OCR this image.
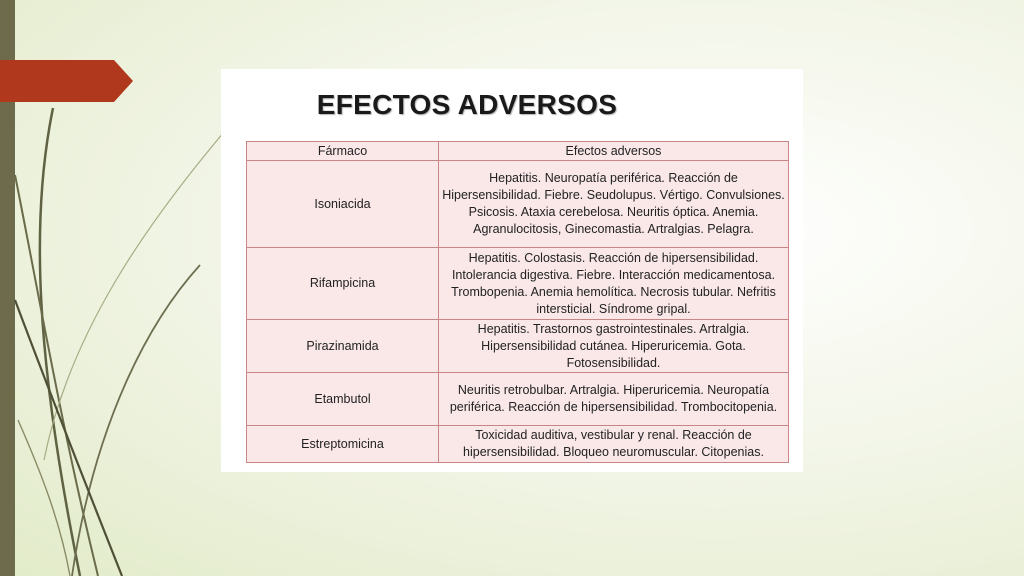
EFECTOS ADVERSOS
Fármaco	Efectos adversos
Isoniacida	Hepatitis. Neuropatía periférica. Reacción de Hipersensibilidad. Fiebre. Seudolupus. Vértigo. Convulsiones. Psicosis. Ataxia cerebelosa. Neuritis óptica. Anemia. Agranulocitosis, Ginecomastia. Artralgias. Pelagra.
Rifampicina	Hepatitis. Colostasis. Reacción de hipersensibilidad. Intolerancia digestiva. Fiebre. Interacción medicamentosa. Trombopenia. Anemia hemolítica. Necrosis tubular. Nefritis intersticial. Síndrome gripal.
Pirazinamida	Hepatitis. Trastornos gastrointestinales. Artralgia. Hipersensibilidad cutánea. Hiperuricemia. Gota. Fotosensibilidad.
Etambutol	Neuritis retrobulbar. Artralgia. Hiperuricemia. Neuropatía periférica. Reacción de hipersensibilidad. Trombocitopenia.
Estreptomicina	Toxicidad auditiva, vestibular y renal. Reacción de hipersensibilidad. Bloqueo neuromuscular. Citopenias.
